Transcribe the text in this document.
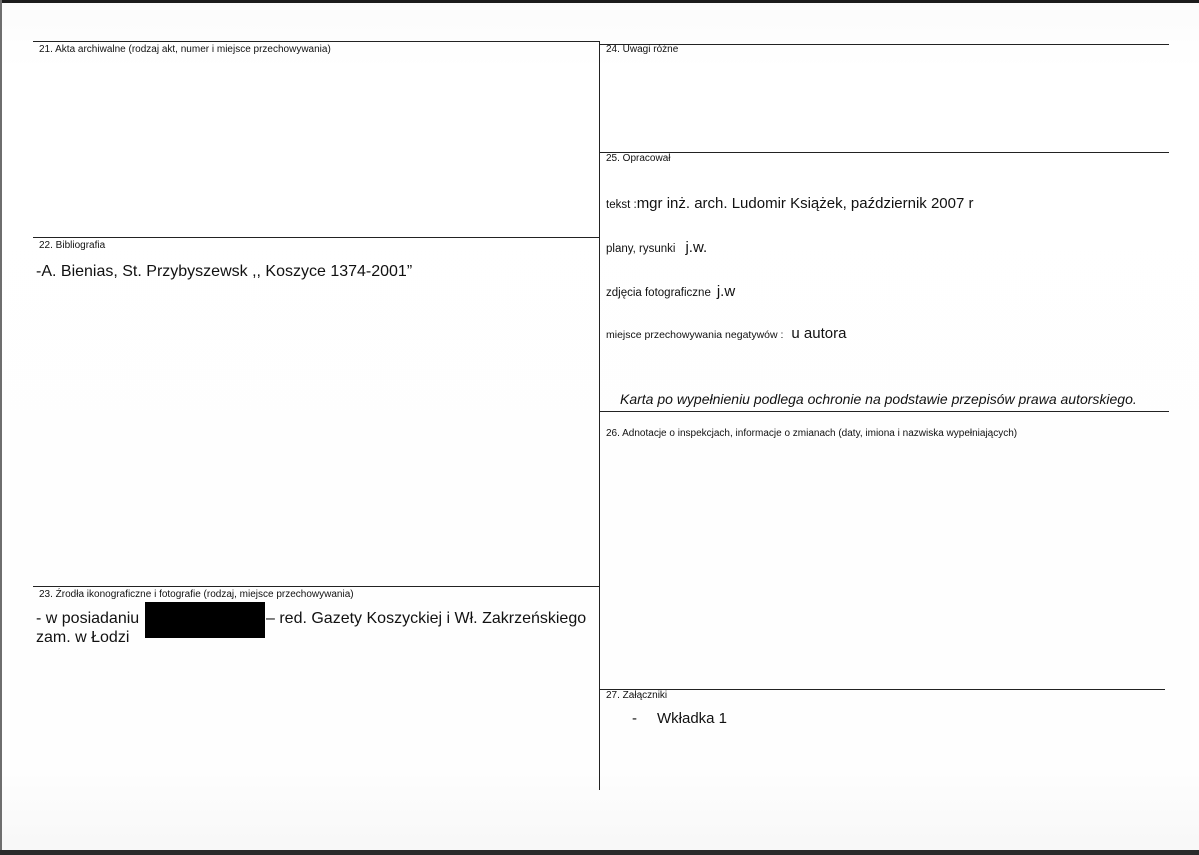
21. Akta archiwalne (rodzaj akt, numer i miejsce przechowywania)
22. Bibliografia
-A. Bienias, St. Przybyszewsk ,, Koszyce 1374-2001”
23. Źrodła ikonograficzne i fotografie (rodzaj, miejsce przechowywania)
- w posiadaniu	– red. Gazety Koszyckiej i Wł. Zakrzeńskiego
zam. w Łodzi
24. Uwagi różne
25. Opracował
tekst :mgr inż. arch. Ludomir Książek, październik 2007 r
plany, rysunki j.w.
zdjęcia fotograficzne j.w
miejsce przechowywania negatywów : u autora
Karta po wypełnieniu podlega ochronie na podstawie przepisów prawa autorskiego.
26. Adnotacje o inspekcjach, informacje o zmianach (daty, imiona i nazwiska wypełniających)
27. Załączniki
- Wkładka 1
